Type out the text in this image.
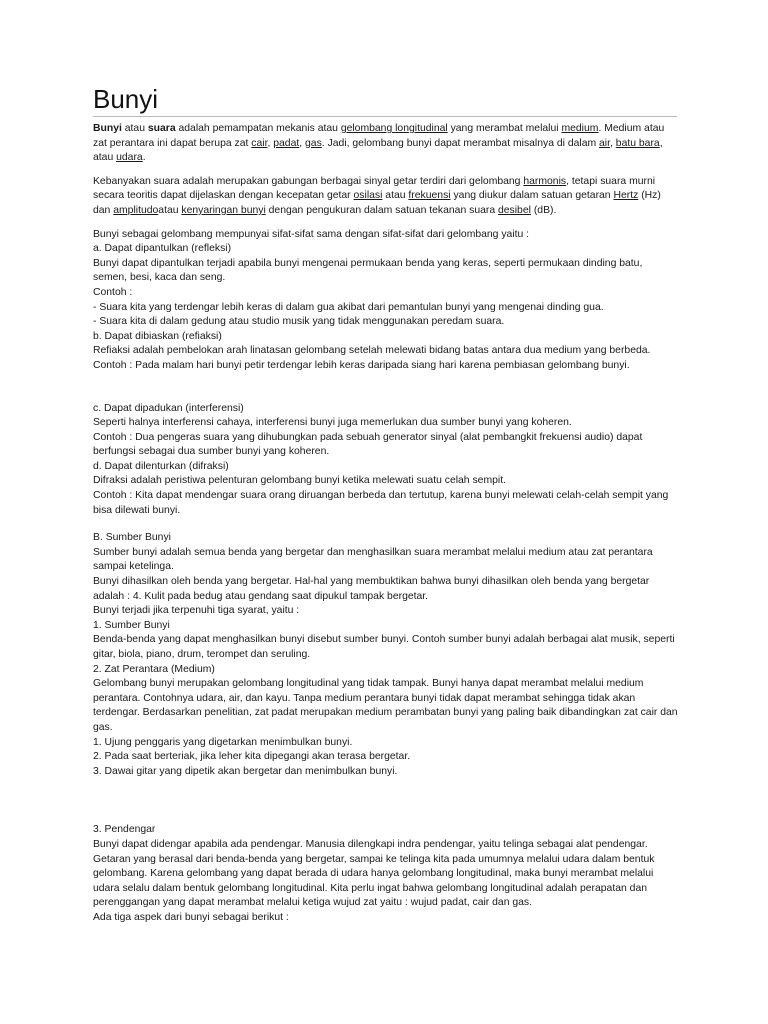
Bunyi

Bunyi atau suara adalah pemampatan mekanis atau gelombang longitudinal yang merambat melalui medium. Medium atau zat perantara ini dapat berupa zat cair, padat, gas. Jadi, gelombang bunyi dapat merambat misalnya di dalam air, batu bara, atau udara.

Kebanyakan suara adalah merupakan gabungan berbagai sinyal getar terdiri dari gelombang harmonis, tetapi suara murni secara teoritis dapat dijelaskan dengan kecepatan getar osilasi atau frekuensi yang diukur dalam satuan getaran Hertz (Hz) dan amplitudoatau kenyaringan bunyi dengan pengukuran dalam satuan tekanan suara desibel (dB).

Bunyi sebagai gelombang mempunyai sifat-sifat sama dengan sifat-sifat dari gelombang yaitu :

a. Dapat dipantulkan (refleksi)

Bunyi dapat dipantulkan terjadi apabila bunyi mengenai permukaan benda yang keras, seperti permukaan dinding batu, semen, besi, kaca dan seng.

Contoh :

- Suara kita yang terdengar lebih keras di dalam gua akibat dari pemantulan bunyi yang mengenai dinding gua.

- Suara kita di dalam gedung atau studio musik yang tidak menggunakan peredam suara.

b. Dapat dibiaskan (refiaksi)

Refiaksi adalah pembelokan arah linatasan gelombang setelah melewati bidang batas antara dua medium yang berbeda.

Contoh : Pada malam hari bunyi petir terdengar lebih keras daripada siang hari karena pembiasan gelombang bunyi.

c. Dapat dipadukan (interferensi)

Seperti halnya interferensi cahaya, interferensi bunyi juga memerlukan dua sumber bunyi yang koheren.

Contoh : Dua pengeras suara yang dihubungkan pada sebuah generator sinyal (alat pembangkit frekuensi audio) dapat berfungsi sebagai dua sumber bunyi yang koheren.

d. Dapat dilenturkan (difraksi)

Difraksi adalah peristiwa pelenturan gelombang bunyi ketika melewati suatu celah sempit.

Contoh : Kita dapat mendengar suara orang diruangan berbeda dan tertutup, karena bunyi melewati celah-celah sempit yang bisa dilewati bunyi.

B. Sumber Bunyi

Sumber bunyi adalah semua benda yang bergetar dan menghasilkan suara merambat melalui medium atau zat perantara sampai ketelinga.

Bunyi dihasilkan oleh benda yang bergetar. Hal-hal yang membuktikan bahwa bunyi dihasilkan oleh benda yang bergetar adalah : 4. Kulit pada bedug atau gendang saat dipukul tampak bergetar.

Bunyi terjadi jika terpenuhi tiga syarat, yaitu :

1. Sumber Bunyi

Benda-benda yang dapat menghasilkan bunyi disebut sumber bunyi. Contoh sumber bunyi adalah berbagai alat musik, seperti gitar, biola, piano, drum, terompet dan seruling.

2. Zat Perantara (Medium)

Gelombang bunyi merupakan gelombang longitudinal yang tidak tampak. Bunyi hanya dapat merambat melalui medium perantara. Contohnya udara, air, dan kayu. Tanpa medium perantara bunyi tidak dapat merambat sehingga tidak akan terdengar. Berdasarkan penelitian, zat padat merupakan medium perambatan bunyi yang paling baik dibandingkan zat cair dan gas.

1. Ujung penggaris yang digetarkan menimbulkan bunyi.

2. Pada saat berteriak, jika leher kita dipegangi akan terasa bergetar.

3. Dawai gitar yang dipetik akan bergetar dan menimbulkan bunyi.

3. Pendengar

Bunyi dapat didengar apabila ada pendengar. Manusia dilengkapi indra pendengar, yaitu telinga sebagai alat pendengar. Getaran yang berasal dari benda-benda yang bergetar, sampai ke telinga kita pada umumnya melalui udara dalam bentuk gelombang. Karena gelombang yang dapat berada di udara hanya gelombang longitudinal, maka bunyi merambat melalui udara selalu dalam bentuk gelombang longitudinal. Kita perlu ingat bahwa gelombang longitudinal adalah perapatan dan perenggangan yang dapat merambat melalui ketiga wujud zat yaitu : wujud padat, cair dan gas.

Ada tiga aspek dari bunyi sebagai berikut :
